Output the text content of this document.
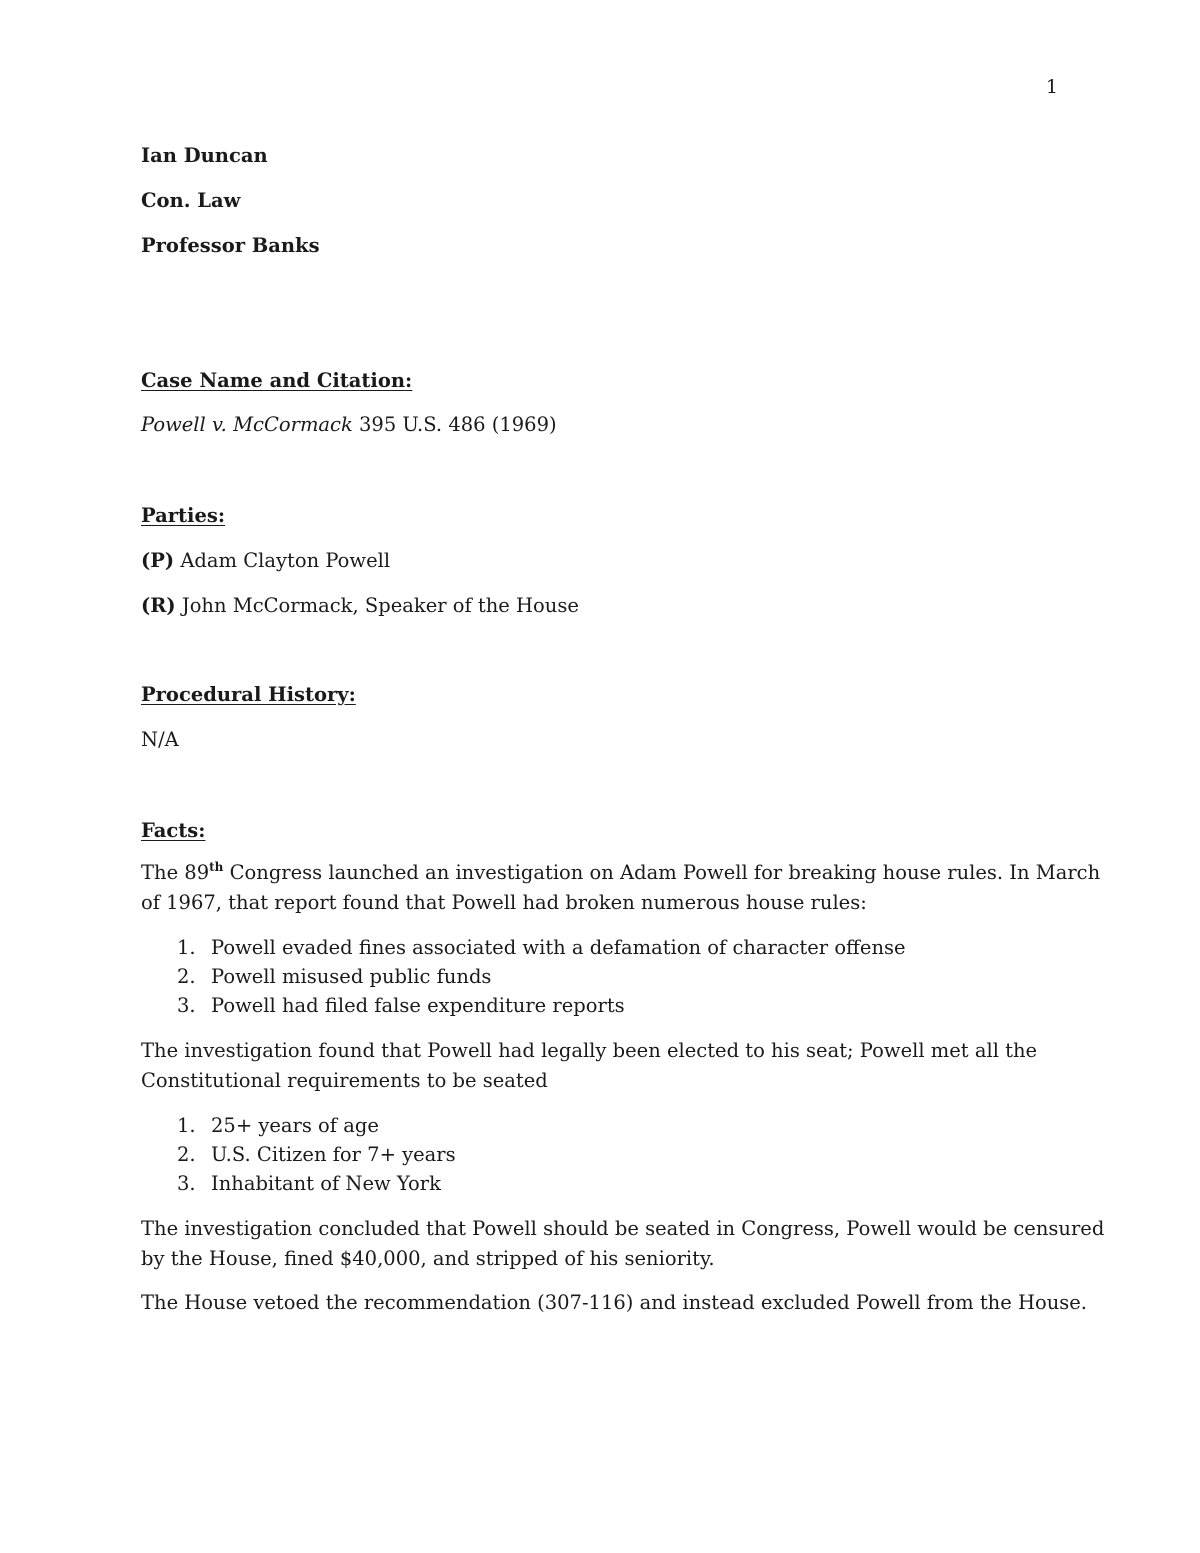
1

Ian Duncan

Con. Law

Professor Banks

Case Name and Citation:

Powell v. McCormack 395 U.S. 486 (1969)

Parties:

(P) Adam Clayton Powell

(R) John McCormack, Speaker of the House

Procedural History:

N/A

Facts:

The 89th Congress launched an investigation on Adam Powell for breaking house rules. In March

of 1967, that report found that Powell had broken numerous house rules:

1. Powell evaded fines associated with a defamation of character offense
2. Powell misused public funds
3. Powell had filed false expenditure reports

The investigation found that Powell had legally been elected to his seat; Powell met all the

Constitutional requirements to be seated

1. 25+ years of age
2. U.S. Citizen for 7+ years
3. Inhabitant of New York

The investigation concluded that Powell should be seated in Congress, Powell would be censured

by the House, fined $40,000, and stripped of his seniority.

The House vetoed the recommendation (307-116) and instead excluded Powell from the House.
